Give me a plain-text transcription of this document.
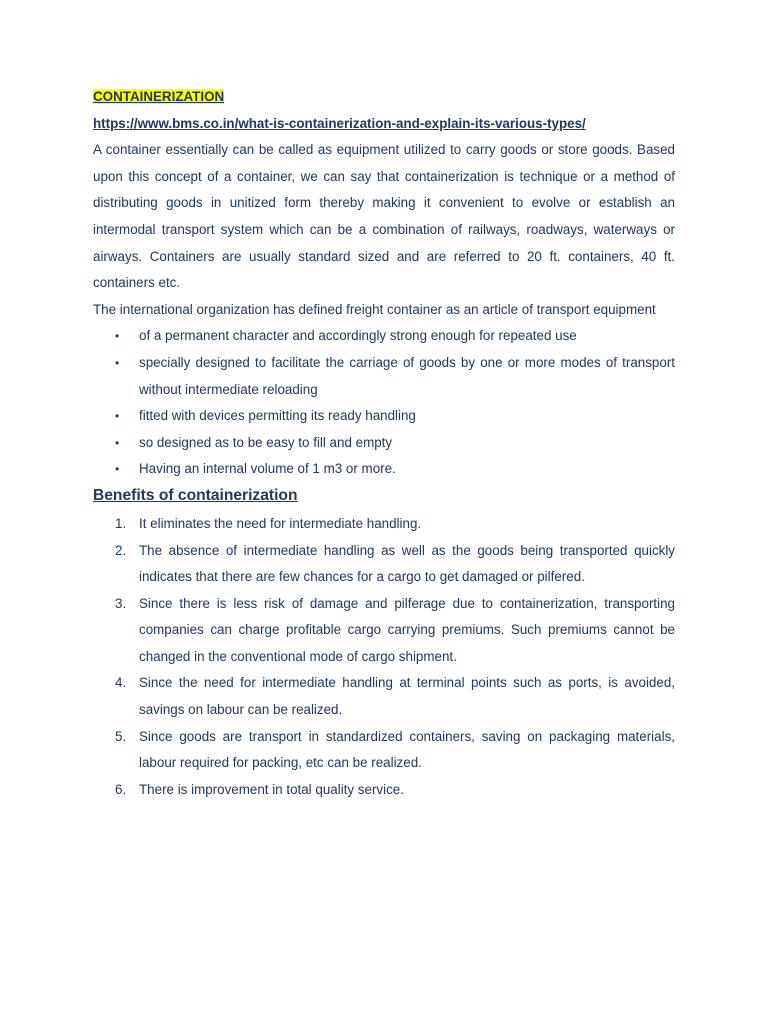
CONTAINERIZATION
https://www.bms.co.in/what-is-containerization-and-explain-its-various-types/

A container essentially can be called as equipment utilized to carry goods or store goods. Based upon this concept of a container, we can say that containerization is technique or a method of distributing goods in unitized form thereby making it convenient to evolve or establish an intermodal transport system which can be a combination of railways, roadways, waterways or airways. Containers are usually standard sized and are referred to 20 ft. containers, 40 ft. containers etc.

The international organization has defined freight container as an article of transport equipment

• of a permanent character and accordingly strong enough for repeated use
• specially designed to facilitate the carriage of goods by one or more modes of transport without intermediate reloading
• fitted with devices permitting its ready handling
• so designed as to be easy to fill and empty
• Having an internal volume of 1 m3 or more.
Benefits of containerization
1. It eliminates the need for intermediate handling.
2. The absence of intermediate handling as well as the goods being transported quickly indicates that there are few chances for a cargo to get damaged or pilfered.
3. Since there is less risk of damage and pilferage due to containerization, transporting companies can charge profitable cargo carrying premiums. Such premiums cannot be changed in the conventional mode of cargo shipment.
4. Since the need for intermediate handling at terminal points such as ports, is avoided, savings on labour can be realized.
5. Since goods are transport in standardized containers, saving on packaging materials, labour required for packing, etc can be realized.
6. There is improvement in total quality service.
